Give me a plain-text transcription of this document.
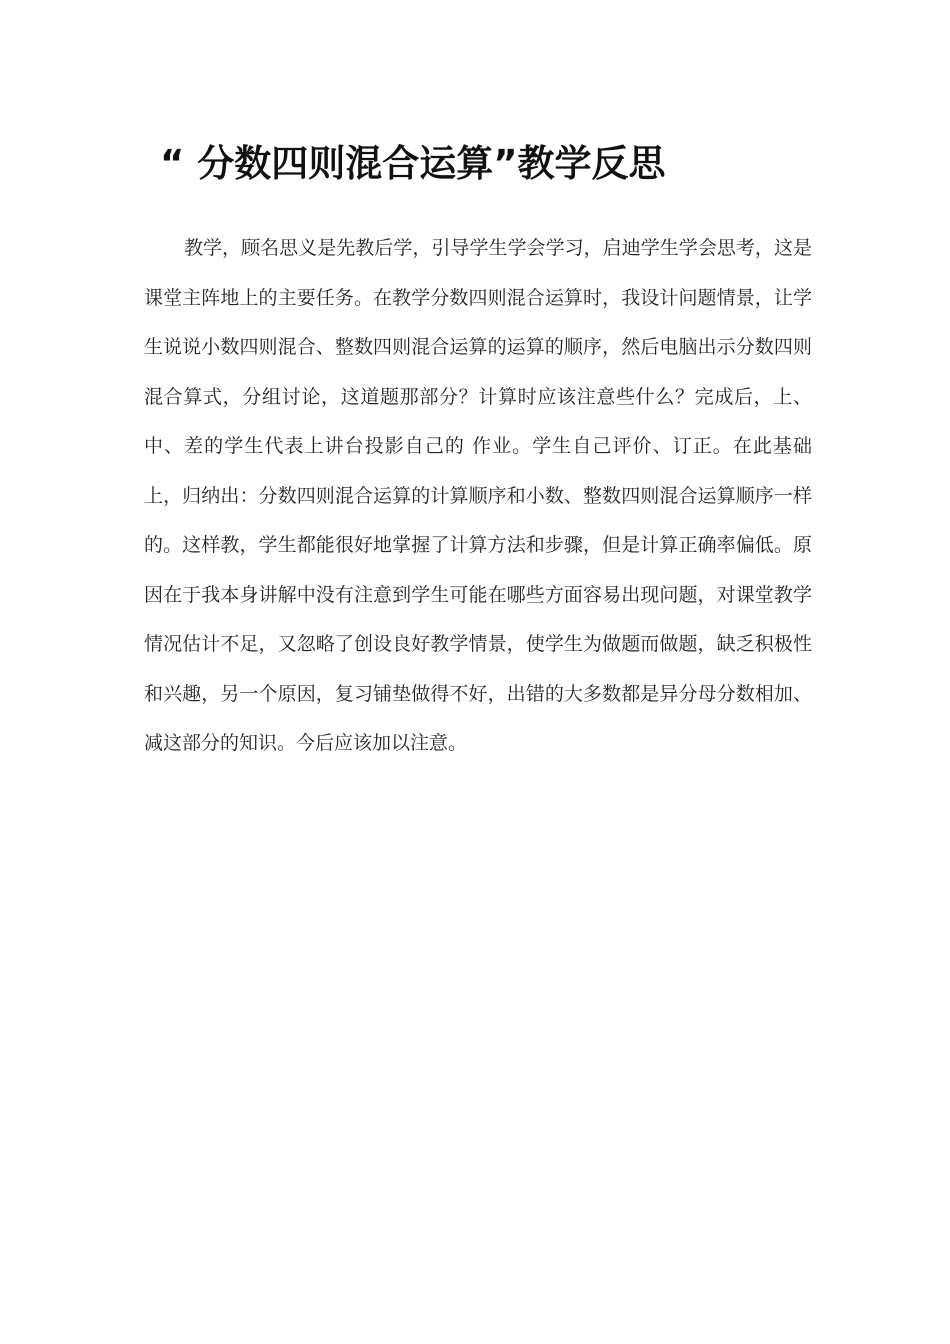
“ 分数四则混合运算”教学反思

教学，顾名思义是先教后学，引导学生学会学习，启迪学生学会思考，这是课堂主阵地上的主要任务。在教学分数四则混合运算时，我设计问题情景，让学生说说小数四则混合、整数四则混合运算的运算的顺序，然后电脑出示分数四则混合算式，分组讨论，这道题那部分？计算时应该注意些什么？完成后，上、中、差的学生代表上讲台投影自己的 作业。学生自己评价、订正。在此基础上，归纳出：分数四则混合运算的计算顺序和小数、整数四则混合运算顺序一样的。这样教，学生都能很好地掌握了计算方法和步骤，但是计算正确率偏低。原因在于我本身讲解中没有注意到学生可能在哪些方面容易出现问题，对课堂教学情况估计不足，又忽略了创设良好教学情景，使学生为做题而做题，缺乏积极性和兴趣，另一个原因，复习铺垫做得不好，出错的大多数都是异分母分数相加、减这部分的知识。今后应该加以注意。
